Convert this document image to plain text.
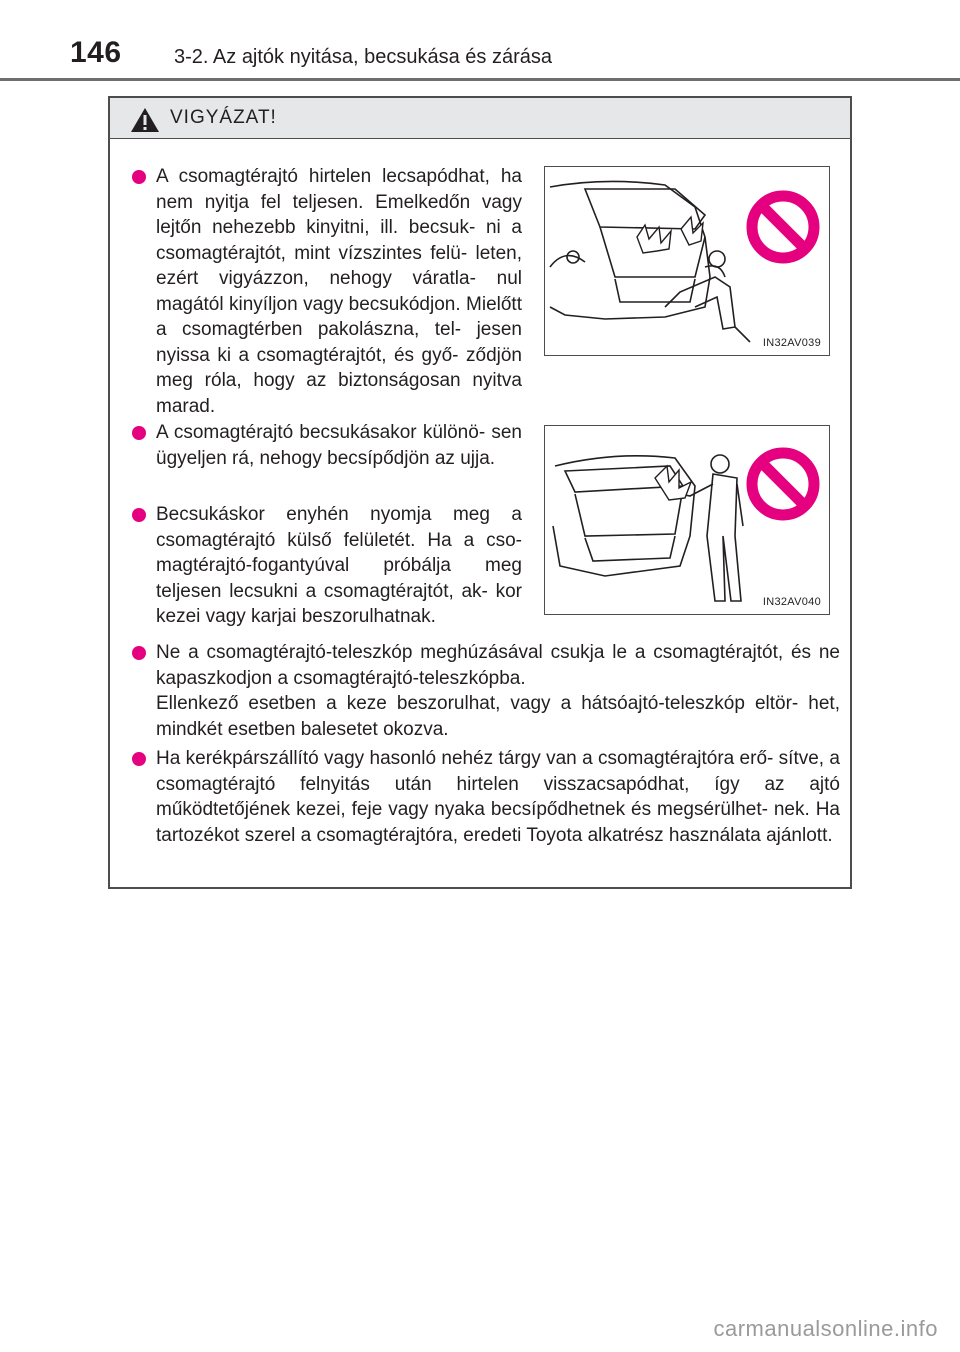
146	3-2. Az ajtók nyitása, becsukása és zárása
VIGYÁZAT!

A csomagtérajtó hirtelen lecsapódhat, ha nem nyitja fel teljesen. Emelkedőn vagy lejtőn nehezebb kinyitni, ill. becsuk- ni a csomagtérajtót, mint vízszintes felü- leten, ezért vigyázzon, nehogy váratla- nul magától kinyíljon vagy becsukódjon. Mielőtt a csomagtérben pakolászna, tel- jesen nyissa ki a csomagtérajtót, és győ- ződjön meg róla, hogy az biztonságosan nyitva marad.

IN32AV039

A csomagtérajtó becsukásakor különö- sen ügyeljen rá, nehogy becsípődjön az ujja.

Becsukáskor enyhén nyomja meg a csomagtérajtó külső felületét. Ha a cso- magtérajtó-fogantyúval próbálja meg teljesen lecsukni a csomagtérajtót, ak- kor kezei vagy karjai beszorulhatnak.

IN32AV040

Ne a csomagtérajtó-teleszkóp meghúzásával csukja le a csomagtérajtót, és ne kapaszkodjon a csomagtérajtó-teleszkópba.

Ellenkező esetben a keze beszorulhat, vagy a hátsóajtó-teleszkóp eltör- het, mindkét esetben balesetet okozva.

Ha kerékpárszállító vagy hasonló nehéz tárgy van a csomagtérajtóra erő- sítve, a csomagtérajtó felnyitás után hirtelen visszacsapódhat, így az ajtó működtetőjének kezei, feje vagy nyaka becsípődhetnek és megsérülhet- nek. Ha tartozékot szerel a csomagtérajtóra, eredeti Toyota alkatrész használata ajánlott.

carmanualsonline.info
